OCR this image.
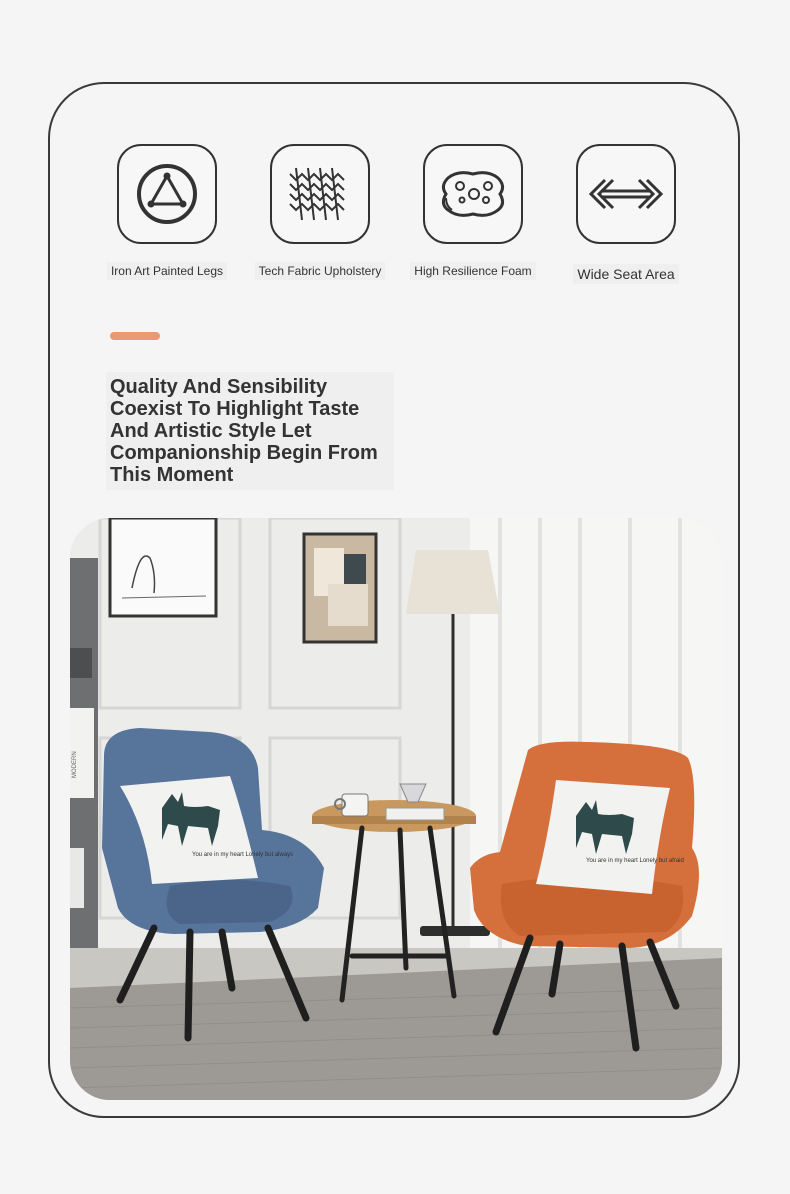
Iron Art Painted Legs	Tech Fabric Upholstery	High Resilience Foam	Wide Seat Area
Quality And Sensibility Coexist To Highlight Taste And Artistic Style Let Companionship Begin From This Moment
MODERN
You are in my heart Lonely but always
You are in my heart Lonely but afraid
